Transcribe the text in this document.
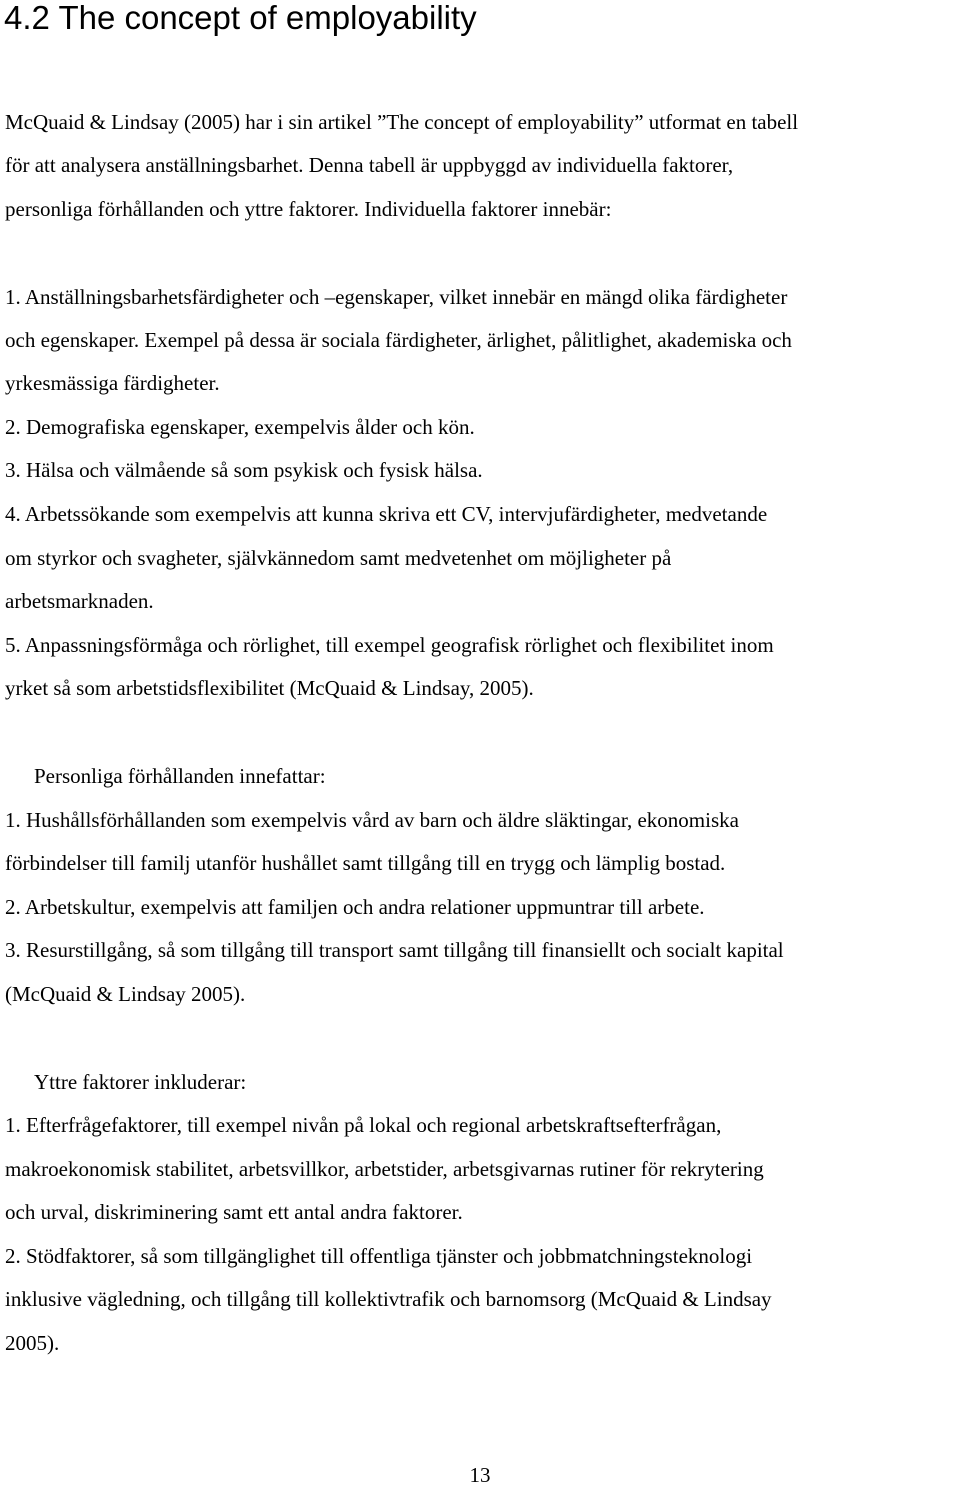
4.2 The concept of employability

McQuaid & Lindsay (2005) har i sin artikel ”The concept of employability” utformat en tabell

för att analysera anställningsbarhet. Denna tabell är uppbyggd av individuella faktorer,

personliga förhållanden och yttre faktorer. Individuella faktorer innebär:

1. Anställningsbarhetsfärdigheter och –egenskaper, vilket innebär en mängd olika färdigheter

och egenskaper. Exempel på dessa är sociala färdigheter, ärlighet, pålitlighet, akademiska och

yrkesmässiga färdigheter.

2. Demografiska egenskaper, exempelvis ålder och kön.

3. Hälsa och välmående så som psykisk och fysisk hälsa.

4. Arbetssökande som exempelvis att kunna skriva ett CV, intervjufärdigheter, medvetande

om styrkor och svagheter, självkännedom samt medvetenhet om möjligheter på

arbetsmarknaden.

5. Anpassningsförmåga och rörlighet, till exempel geografisk rörlighet och flexibilitet inom

yrket så som arbetstidsflexibilitet (McQuaid & Lindsay, 2005).

Personliga förhållanden innefattar:

1. Hushållsförhållanden som exempelvis vård av barn och äldre släktingar, ekonomiska

förbindelser till familj utanför hushållet samt tillgång till en trygg och lämplig bostad.

2. Arbetskultur, exempelvis att familjen och andra relationer uppmuntrar till arbete.

3. Resurstillgång, så som tillgång till transport samt tillgång till finansiellt och socialt kapital

(McQuaid & Lindsay 2005).

Yttre faktorer inkluderar:

1. Efterfrågefaktorer, till exempel nivån på lokal och regional arbetskraftsefterfrågan,

makroekonomisk stabilitet, arbetsvillkor, arbetstider, arbetsgivarnas rutiner för rekrytering

och urval, diskriminering samt ett antal andra faktorer.

2. Stödfaktorer, så som tillgänglighet till offentliga tjänster och jobbmatchningsteknologi

inklusive vägledning, och tillgång till kollektivtrafik och barnomsorg (McQuaid & Lindsay

2005).

13
